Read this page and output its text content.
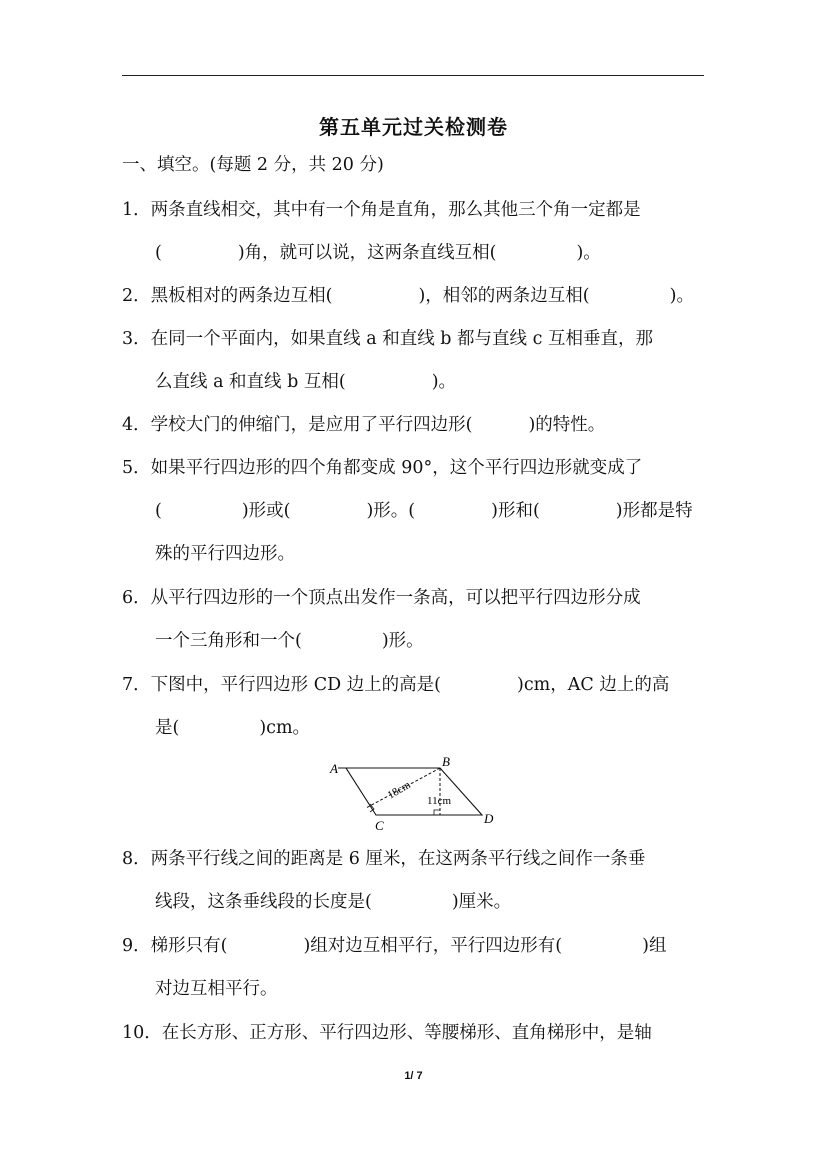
第五单元过关检测卷
一、填空。(每题 2 分，共 20 分)
1．两条直线相交，其中有一个角是直角，那么其他三个角一定都是
(	)角，就可以说，这两条直线互相(	)。
2．黑板相对的两条边互相(	)，相邻的两条边互相(	)。
3．在同一个平面内，如果直线 a 和直线 b 都与直线 c 互相垂直，那
么直线 a 和直线 b 互相(	)。
4．学校大门的伸缩门，是应用了平行四边形(	)的特性。
5．如果平行四边形的四个角都变成 90°，这个平行四边形就变成了
(	)形或(	)形。(	)形和(	)形都是特
殊的平行四边形。
6．从平行四边形的一个顶点出发作一条高，可以把平行四边形分成
一个三角形和一个(	)形。
7．下图中，平行四边形 CD 边上的高是(	)cm，AC 边上的高
是(	)cm。
A	B
C	D
18cm 11cm
8．两条平行线之间的距离是 6 厘米，在这两条平行线之间作一条垂
线段，这条垂线段的长度是(	)厘米。
9．梯形只有(	)组对边互相平行，平行四边形有(	)组
对边互相平行。
10．在长方形、正方形、平行四边形、等腰梯形、直角梯形中，是轴
1/ 7
